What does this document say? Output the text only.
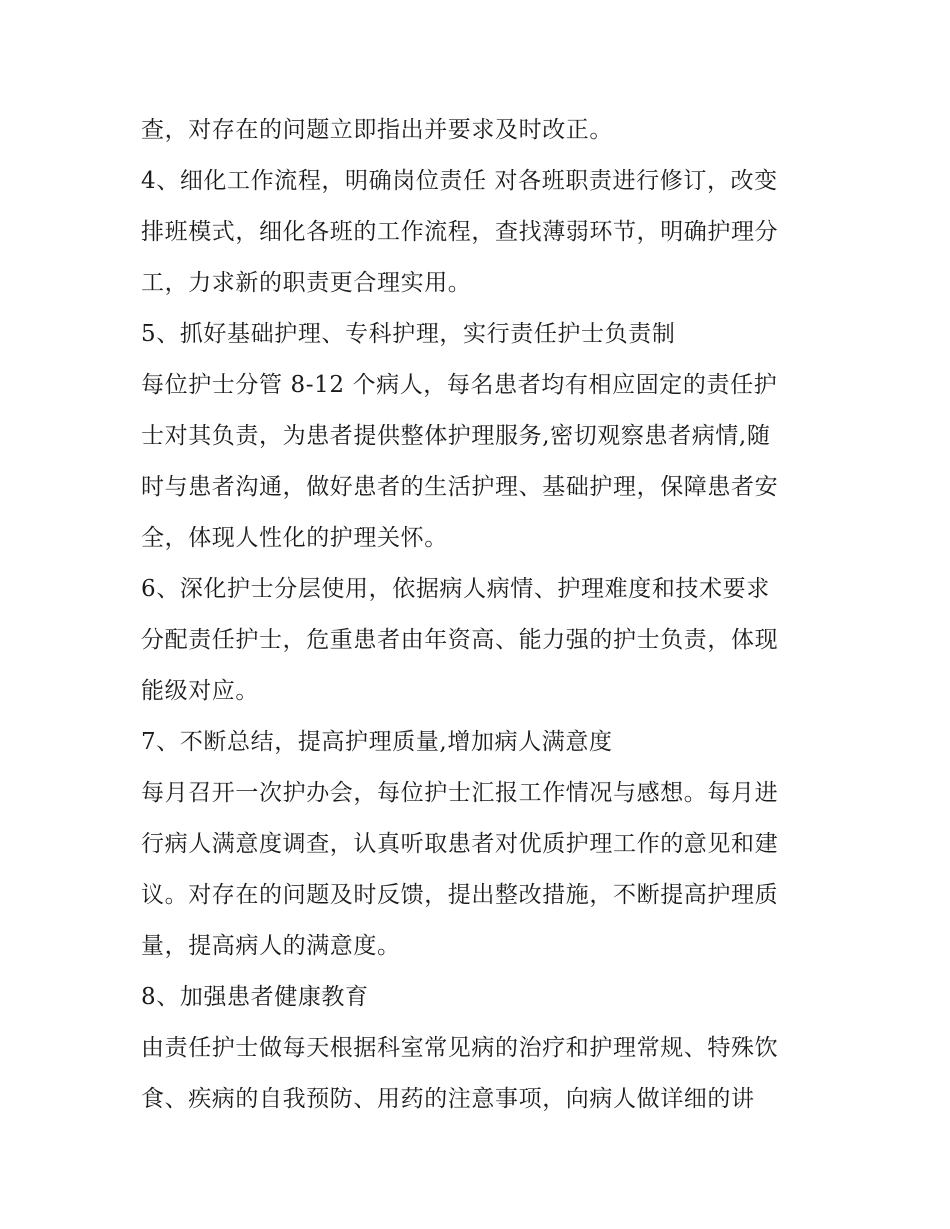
查，对存在的问题立即指出并要求及时改正。
4、细化工作流程，明确岗位责任 对各班职责进行修订，改变
排班模式，细化各班的工作流程，查找薄弱环节，明确护理分
工，力求新的职责更合理实用。
5、抓好基础护理、专科护理，实行责任护士负责制
每位护士分管 8-12 个病人，每名患者均有相应固定的责任护
士对其负责，为患者提供整体护理服务,密切观察患者病情,随
时与患者沟通，做好患者的生活护理、基础护理，保障患者安
全，体现人性化的护理关怀。
6、深化护士分层使用，依据病人病情、护理难度和技术要求
分配责任护士，危重患者由年资高、能力强的护士负责，体现
能级对应。
7、不断总结，提高护理质量,增加病人满意度
每月召开一次护办会，每位护士汇报工作情况与感想。每月进
行病人满意度调查，认真听取患者对优质护理工作的意见和建
议。对存在的问题及时反馈，提出整改措施，不断提高护理质
量，提高病人的满意度。
8、加强患者健康教育
由责任护士做每天根据科室常见病的治疗和护理常规、特殊饮
食、疾病的自我预防、用药的注意事项，向病人做详细的讲
